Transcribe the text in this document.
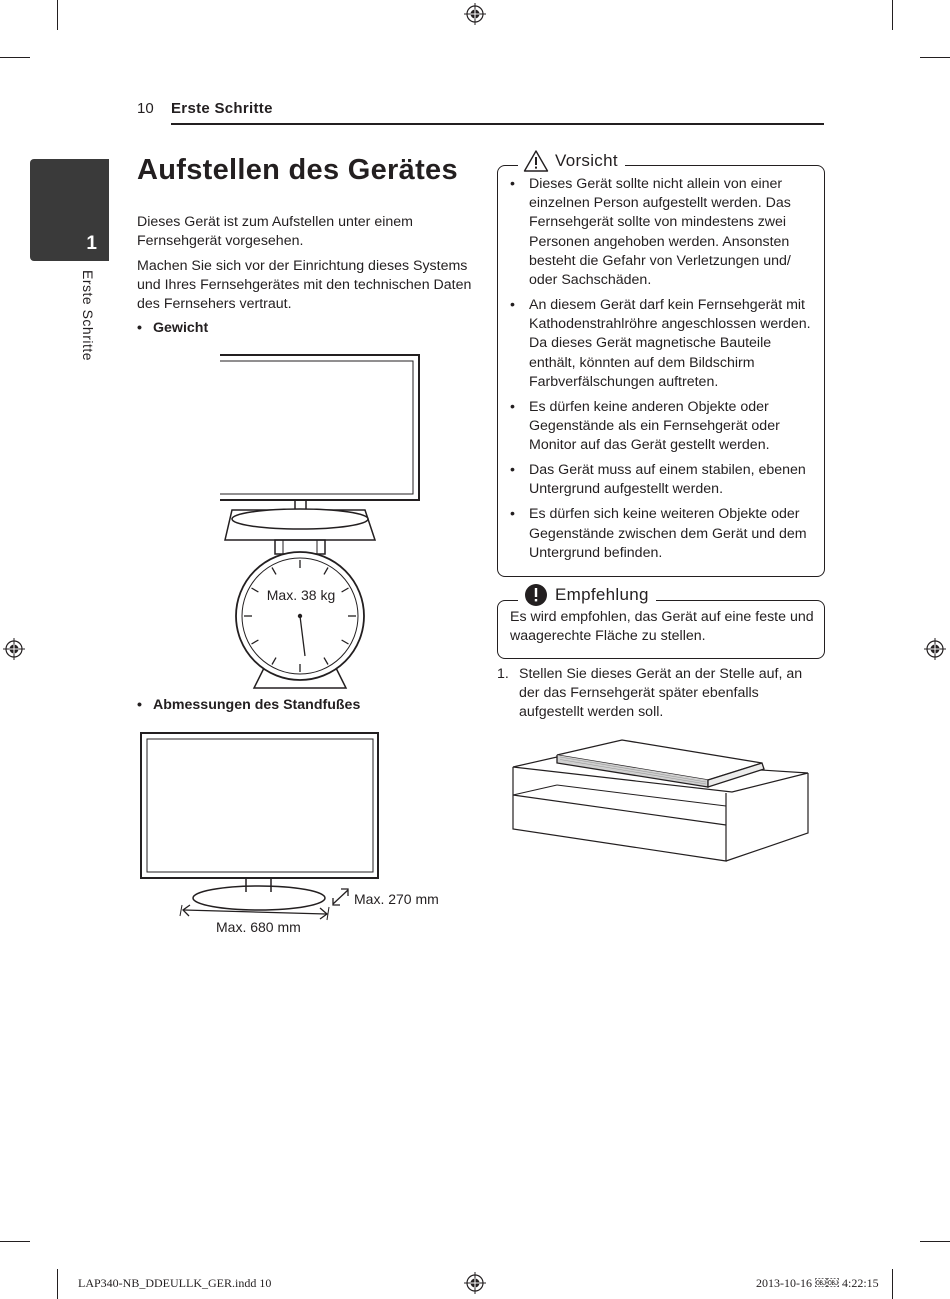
10 Erste Schritte
1
Erste Schritte
Aufstellen des Gerätes
Dieses Gerät ist zum Aufstellen unter einem Fernsehgerät vorgesehen.
Machen Sie sich vor der Einrichtung dieses Systems und Ihres Fernsehgerätes mit den technischen Daten des Fernsehers vertraut.
• Gewicht
Max. 38 kg
• Abmessungen des Standfußes
Max. 270 mm
Max. 680 mm
Vorsicht
• Dieses Gerät sollte nicht allein von einer einzelnen Person aufgestellt werden. Das Fernsehgerät sollte von mindestens zwei Personen angehoben werden. Ansonsten besteht die Gefahr von Verletzungen und/ oder Sachschäden.
• An diesem Gerät darf kein Fernsehgerät mit Kathodenstrahlröhre angeschlossen werden. Da dieses Gerät magnetische Bauteile enthält, könnten auf dem Bildschirm Farbverfälschungen auftreten.
• Es dürfen keine anderen Objekte oder Gegenstände als ein Fernsehgerät oder Monitor auf das Gerät gestellt werden.
• Das Gerät muss auf einem stabilen, ebenen Untergrund aufgestellt werden.
• Es dürfen sich keine weiteren Objekte oder Gegenstände zwischen dem Gerät und dem Untergrund befinden.
Empfehlung
Es wird empfohlen, das Gerät auf eine feste und waagerechte Fläche zu stellen.
1. Stellen Sie dieses Gerät an der Stelle auf, an der das Fernsehgerät später ebenfalls aufgestellt werden soll.
LAP340-NB_DDEULLK_GER.indd 10	2013-10-16 ￼￼ 4:22:15
